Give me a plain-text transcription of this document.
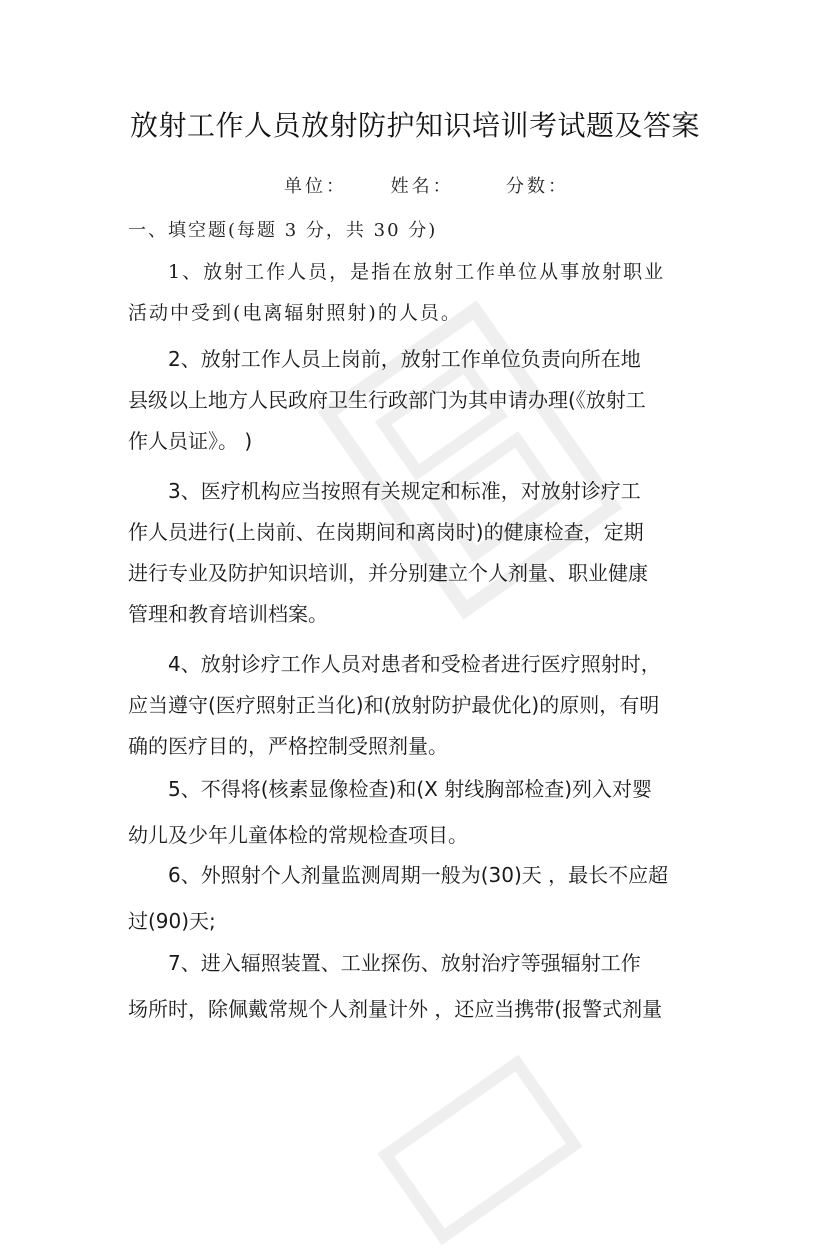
放射工作人员放射防护知识培训考试题及答案
单位：     姓名：      分数：
一、填空题(每题 3 分，共 30 分)
1、放射工作人员，是指在放射工作单位从事放射职业
活动中受到(电离辐射照射)的人员。
2、放射工作人员上岗前，放射工作单位负责向所在地
县级以上地方人民政府卫生行政部门为其申请办理(《放射工
作人员证》。 )
3、医疗机构应当按照有关规定和标准，对放射诊疗工
作人员进行(上岗前、在岗期间和离岗时)的健康检查，定期
进行专业及防护知识培训，并分别建立个人剂量、职业健康
管理和教育培训档案。
4、放射诊疗工作人员对患者和受检者进行医疗照射时，
应当遵守(医疗照射正当化)和(放射防护最优化)的原则，有明
确的医疗目的，严格控制受照剂量。
5、不得将(核素显像检查)和(X 射线胸部检查)列入对婴
幼儿及少年儿童体检的常规检查项目。
6、外照射个人剂量监测周期一般为(30)天 ，最长不应超
过(90)天;
7、进入辐照装置、工业探伤、放射治疗等强辐射工作
场所时，除佩戴常规个人剂量计外 ，还应当携带(报警式剂量
